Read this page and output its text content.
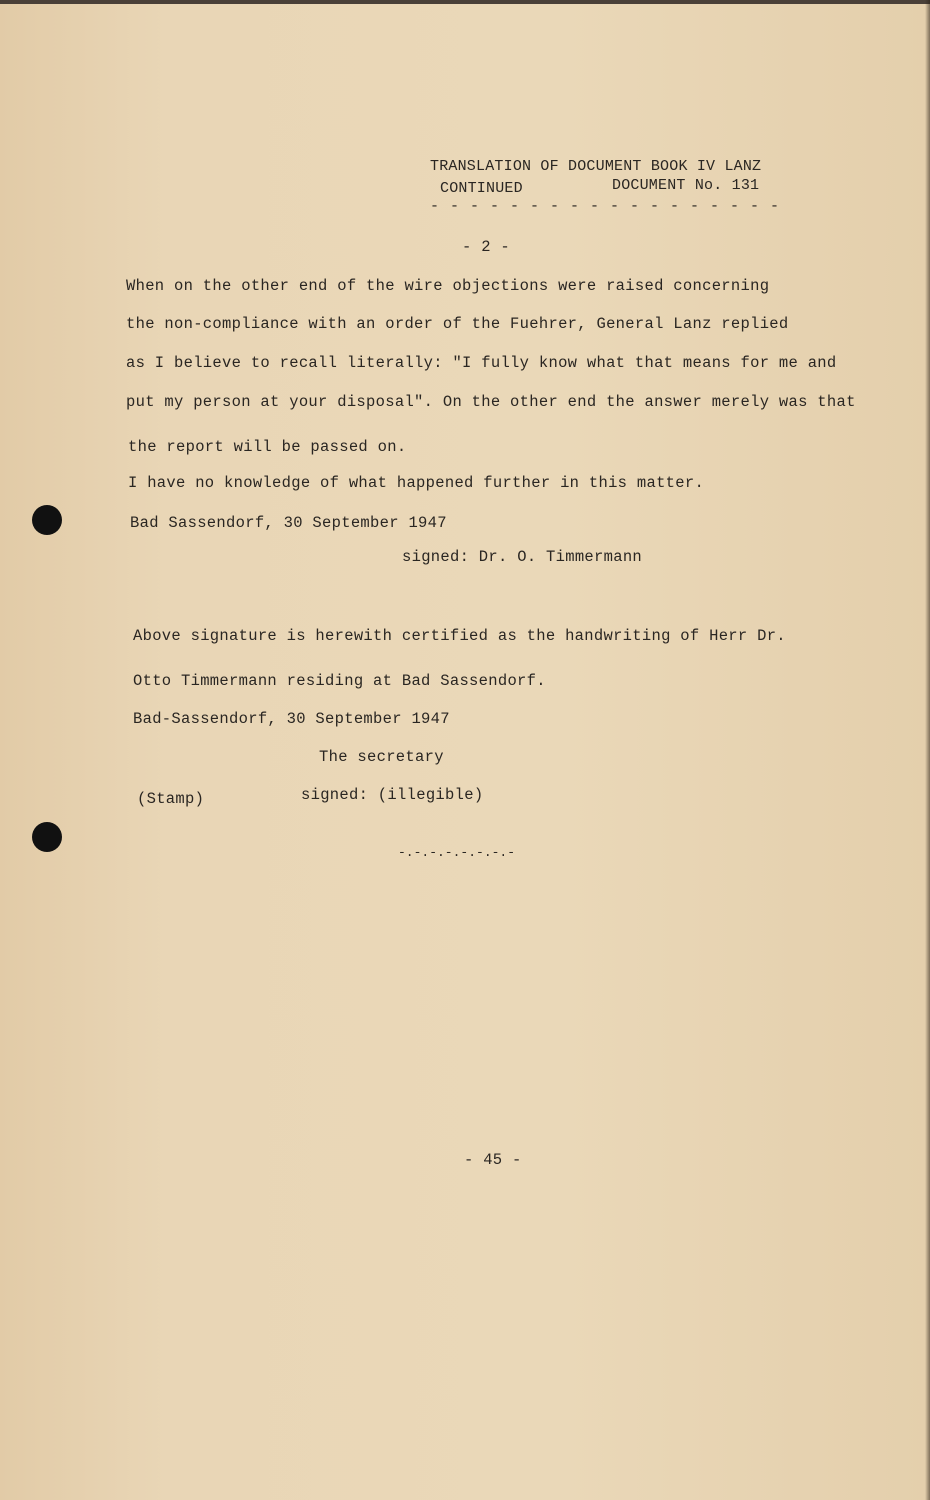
TRANSLATION OF DOCUMENT BOOK IV LANZ
CONTINUED	DOCUMENT No. 131
- - - - - - - - - - - - - - - - - -
- 2 -
When on the other end of the wire objections were raised concerning
the non-compliance with an order of the Fuehrer, General Lanz replied
as I believe to recall literally: "I fully know what that means for me and
put my person at your disposal". On the other end the answer merely was that
the report will be passed on.
I have no knowledge of what happened further in this matter.
Bad Sassendorf, 30 September 1947
signed: Dr. O. Timmermann
Above signature is herewith certified as the handwriting of Herr Dr.
Otto Timmermann residing at Bad Sassendorf.
Bad-Sassendorf, 30 September 1947
The secretary
(Stamp)	signed: (illegible)
-.-.-.-.-.-.-.-
- 45 -
